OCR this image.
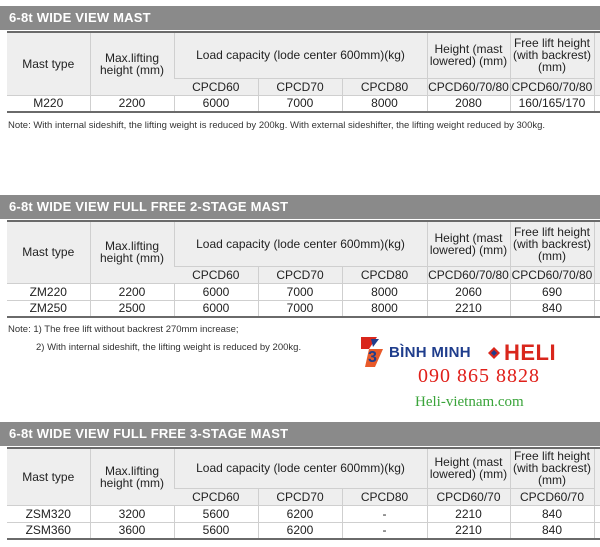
6-8t WIDE VIEW MAST
Mast type	Max.lifting height (mm)	Load capacity (lode center 600mm)(kg)			Height (mast lowered) (mm)	Free lift height (with backrest) (mm)	
		CPCD60	CPCD70	CPCD80	CPCD60/70/80	CPCD60/70/80	
M220	2200	6000	7000	8000	2080	160/165/170	
Note: With internal sideshift, the lifting weight is reduced by 200kg. With external sideshifter, the lifting weight reduced by 300kg.
6-8t WIDE VIEW FULL FREE 2-STAGE MAST
Mast type	Max.lifting height (mm)	Load capacity (lode center 600mm)(kg)			Height (mast lowered) (mm)	Free lift height (with backrest) (mm)	
		CPCD60	CPCD70	CPCD80	CPCD60/70/80	CPCD60/70/80	
ZM220	2200	6000	7000	8000	2060	690	
ZM250	2500	6000	7000	8000	2210	840	
Note: 1) The free lift without backrest 270mm increase;
2) With internal sideshift, the lifting weight is reduced by 200kg.
3 BÌNH MINH HELI
090 865 8828
Heli-vietnam.com
6-8t WIDE VIEW FULL FREE 3-STAGE MAST
Mast type	Max.lifting height (mm)	Load capacity (lode center 600mm)(kg)			Height (mast lowered) (mm)	Free lift height (with backrest) (mm)	
		CPCD60	CPCD70	CPCD80	CPCD60/70	CPCD60/70	
ZSM320	3200	5600	6200	-	2210	840	
ZSM360	3600	5600	6200	-	2210	840	
